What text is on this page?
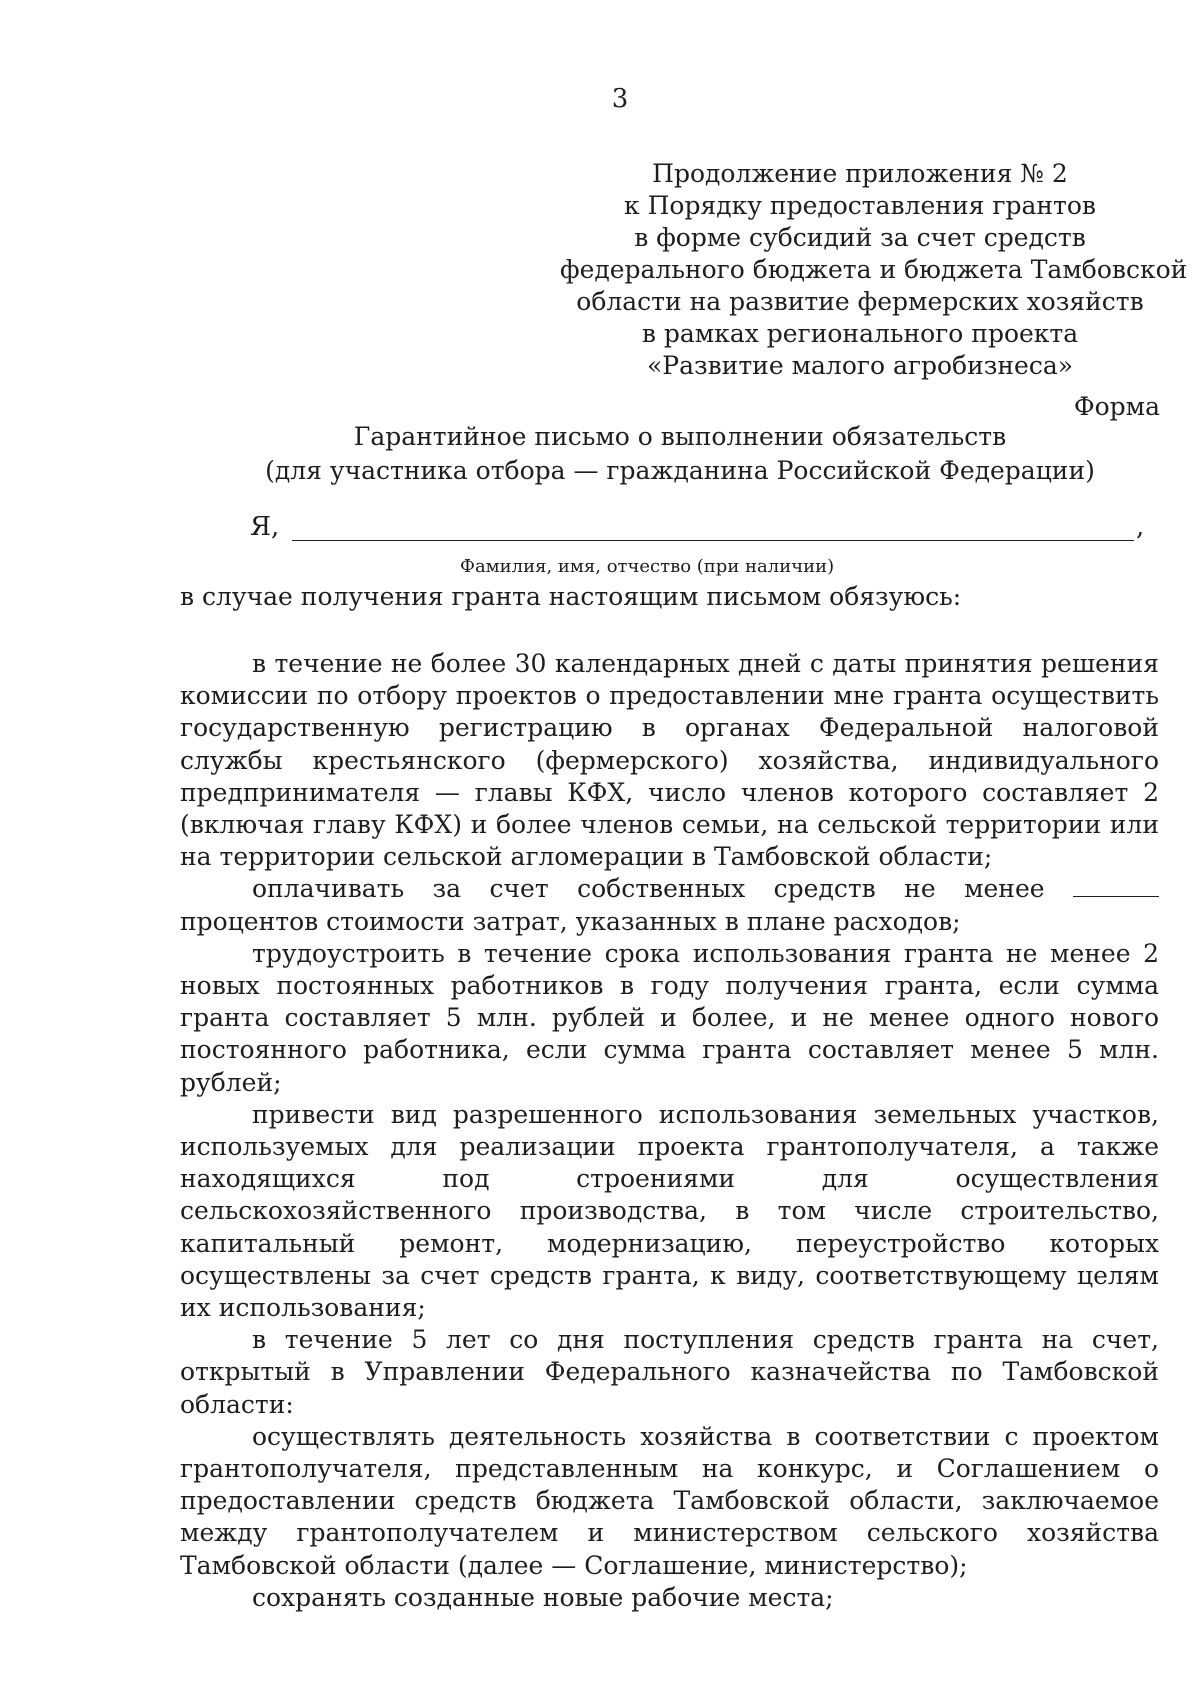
3
Продолжение приложения № 2
к Порядку предоставления грантов
в форме субсидий за счет средств
федерального бюджета и бюджета Тамбовской
области на развитие фермерских хозяйств
в рамках регионального проекта
«Развитие малого агробизнеса»
Форма
Гарантийное письмо о выполнении обязательств
(для участника отбора — гражданина Российской Федерации)
Я,	,
Фамилия, имя, отчество (при наличии)
в случае получения гранта настоящим письмом обязуюсь:

в течение не более 30 календарных дней с даты принятия решения комиссии по отбору проектов о предоставлении мне гранта осуществить государственную регистрацию в органах Федеральной налоговой службы крестьянского (фермерского) хозяйства, индивидуального предпринимателя — главы КФХ, число членов которого составляет 2 (включая главу КФХ) и более членов семьи, на сельской территории или на территории сельской агломерации в Тамбовской области;

оплачивать за счет собственных средств не менее  процентов стоимости затрат, указанных в плане расходов;

трудоустроить в течение срока использования гранта не менее 2 новых постоянных работников в году получения гранта, если сумма гранта составляет 5 млн. рублей и более, и не менее одного нового постоянного работника, если сумма гранта составляет менее 5 млн. рублей;

привести вид разрешенного использования земельных участков, используемых для реализации проекта грантополучателя, а также находящихся под строениями для осуществления сельскохозяйственного производства, в том числе строительство, капитальный ремонт, модернизацию, переустройство которых осуществлены за счет средств гранта, к виду, соответствующему целям их использования;

в течение 5 лет со дня поступления средств гранта на счет, открытый в Управлении Федерального казначейства по Тамбовской области:

осуществлять деятельность хозяйства в соответствии с проектом грантополучателя, представленным на конкурс, и Соглашением о предоставлении средств бюджета Тамбовской области, заключаемое между грантополучателем и министерством сельского хозяйства Тамбовской области (далее — Соглашение, министерство);

сохранять созданные новые рабочие места;
